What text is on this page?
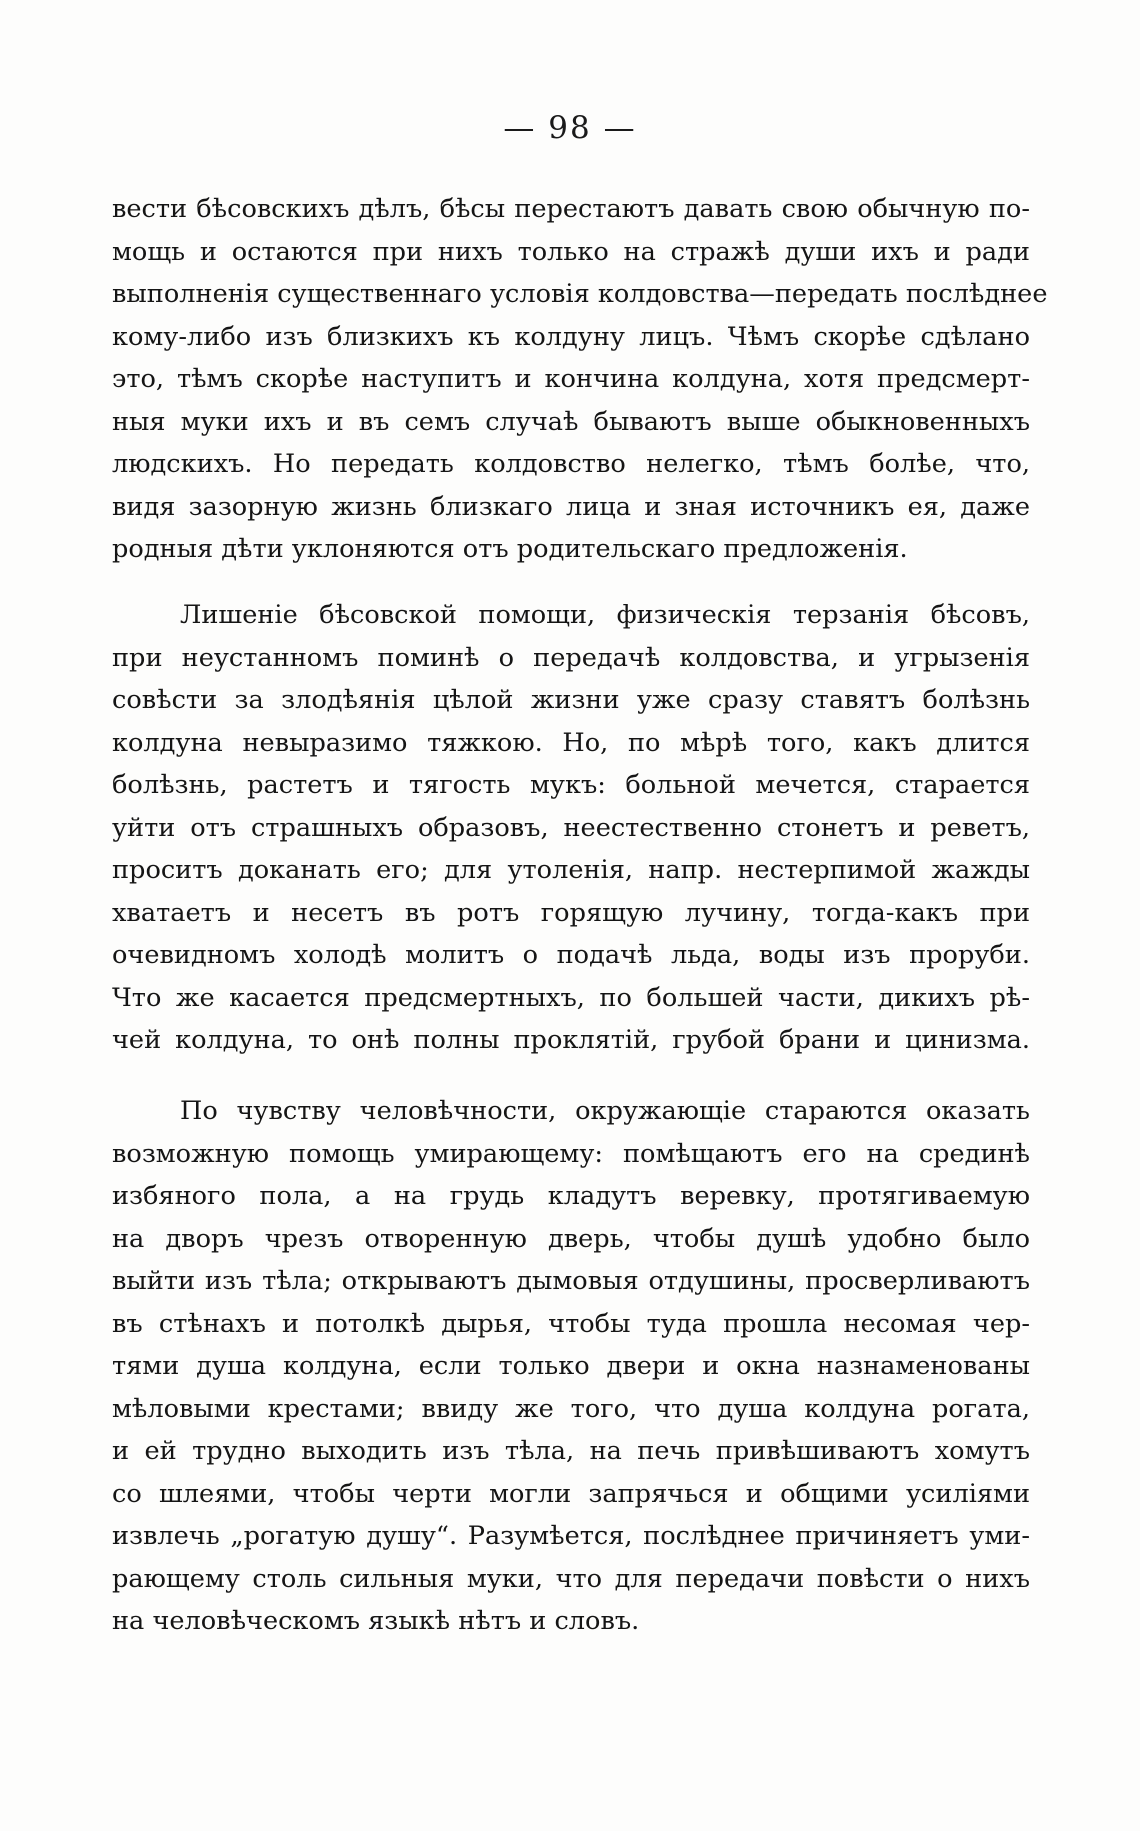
— 98 —
вести бѣсовскихъ дѣлъ, бѣсы перестаютъ давать свою обычную по-
мощь и остаются при нихъ только на стражѣ души ихъ и ради
выполненія существеннаго условія колдовства—передать послѣднее
кому-либо изъ близкихъ къ колдуну лицъ. Чѣмъ скорѣе сдѣлано
это, тѣмъ скорѣе наступитъ и кончина колдуна, хотя предсмерт-
ныя муки ихъ и въ семъ случаѣ бываютъ выше обыкновенныхъ
людскихъ. Но передать колдовство нелегко, тѣмъ болѣе, что,
видя зазорную жизнь близкаго лица и зная источникъ ея, даже
родныя дѣти уклоняются отъ родительскаго предложенія.
Лишеніе бѣсовской помощи, физическія терзанія бѣсовъ,
при неустанномъ поминѣ о передачѣ колдовства, и угрызенія
совѣсти за злодѣянія цѣлой жизни уже сразу ставятъ болѣзнь
колдуна невыразимо тяжкою. Но, по мѣрѣ того, какъ длится
болѣзнь, растетъ и тягость мукъ: больной мечется, старается
уйти отъ страшныхъ образовъ, неестественно стонетъ и реветъ,
проситъ доканать его; для утоленія, напр. нестерпимой жажды
хватаетъ и несетъ въ ротъ горящую лучину, тогда-какъ при
очевидномъ холодѣ молитъ о подачѣ льда, воды изъ проруби.
Что же касается предсмертныхъ, по большей части, дикихъ рѣ-
чей колдуна, то онѣ полны проклятій, грубой брани и цинизма.
По чувству человѣчности, окружающіе стараются оказать
возможную помощь умирающему: помѣщаютъ его на срединѣ
избяного пола, а на грудь кладутъ веревку, протягиваемую
на дворъ чрезъ отворенную дверь, чтобы душѣ удобно было
выйти изъ тѣла; открываютъ дымовыя отдушины, просверливаютъ
въ стѣнахъ и потолкѣ дырья, чтобы туда прошла несомая чер-
тями душа колдуна, если только двери и окна назнаменованы
мѣловыми крестами; ввиду же того, что душа колдуна рогата,
и ей трудно выходить изъ тѣла, на печь привѣшиваютъ хомутъ
со шлеями, чтобы черти могли запрячься и общими усиліями
извлечь „рогатую душу“. Разумѣется, послѣднее причиняетъ уми-
рающему столь сильныя муки, что для передачи повѣсти о нихъ
на человѣческомъ языкѣ нѣтъ и словъ.
